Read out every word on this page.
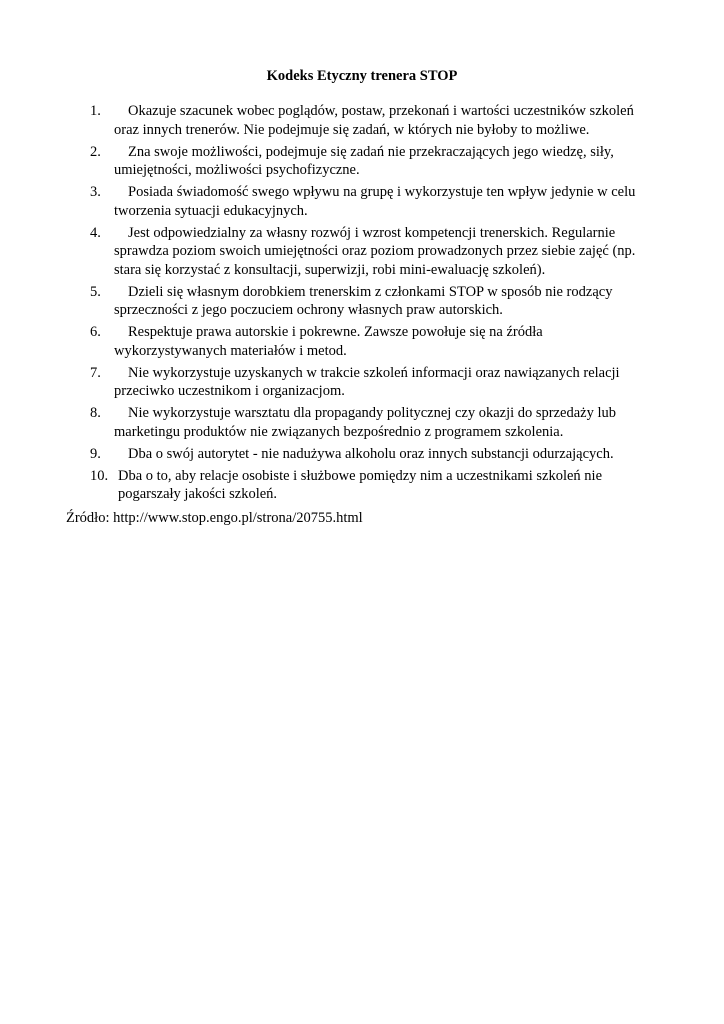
Kodeks Etyczny trenera STOP
1.	Okazuje szacunek wobec poglądów, postaw, przekonań i wartości uczestników szkoleń oraz innych trenerów. Nie podejmuje się zadań, w których nie byłoby to możliwe.
2.	Zna swoje możliwości, podejmuje się zadań nie przekraczających jego wiedzę, siły, umiejętności, możliwości psychofizyczne.
3.	Posiada świadomość swego wpływu na grupę i wykorzystuje ten wpływ jedynie w celu tworzenia sytuacji edukacyjnych.
4.	Jest odpowiedzialny za własny rozwój i wzrost kompetencji trenerskich. Regularnie sprawdza poziom swoich umiejętności oraz poziom prowadzonych przez siebie zajęć (np. stara się korzystać z konsultacji, superwizji, robi mini-ewaluację szkoleń).
5.	Dzieli się własnym dorobkiem trenerskim z członkami STOP w sposób nie rodzący sprzeczności z jego poczuciem ochrony własnych praw autorskich.
6.	Respektuje prawa autorskie i pokrewne. Zawsze powołuje się na źródła wykorzystywanych materiałów i metod.
7.	Nie wykorzystuje uzyskanych w trakcie szkoleń informacji oraz nawiązanych relacji przeciwko uczestnikom i organizacjom.
8.	Nie wykorzystuje warsztatu dla propagandy politycznej czy okazji do sprzedaży lub marketingu produktów nie związanych bezpośrednio z programem szkolenia.
9.	Dba o swój autorytet - nie nadużywa alkoholu oraz innych substancji odurzających.
10. Dba o to, aby relacje osobiste i służbowe pomiędzy nim a uczestnikami szkoleń nie pogarszały jakości szkoleń.
Źródło: http://www.stop.engo.pl/strona/20755.html
